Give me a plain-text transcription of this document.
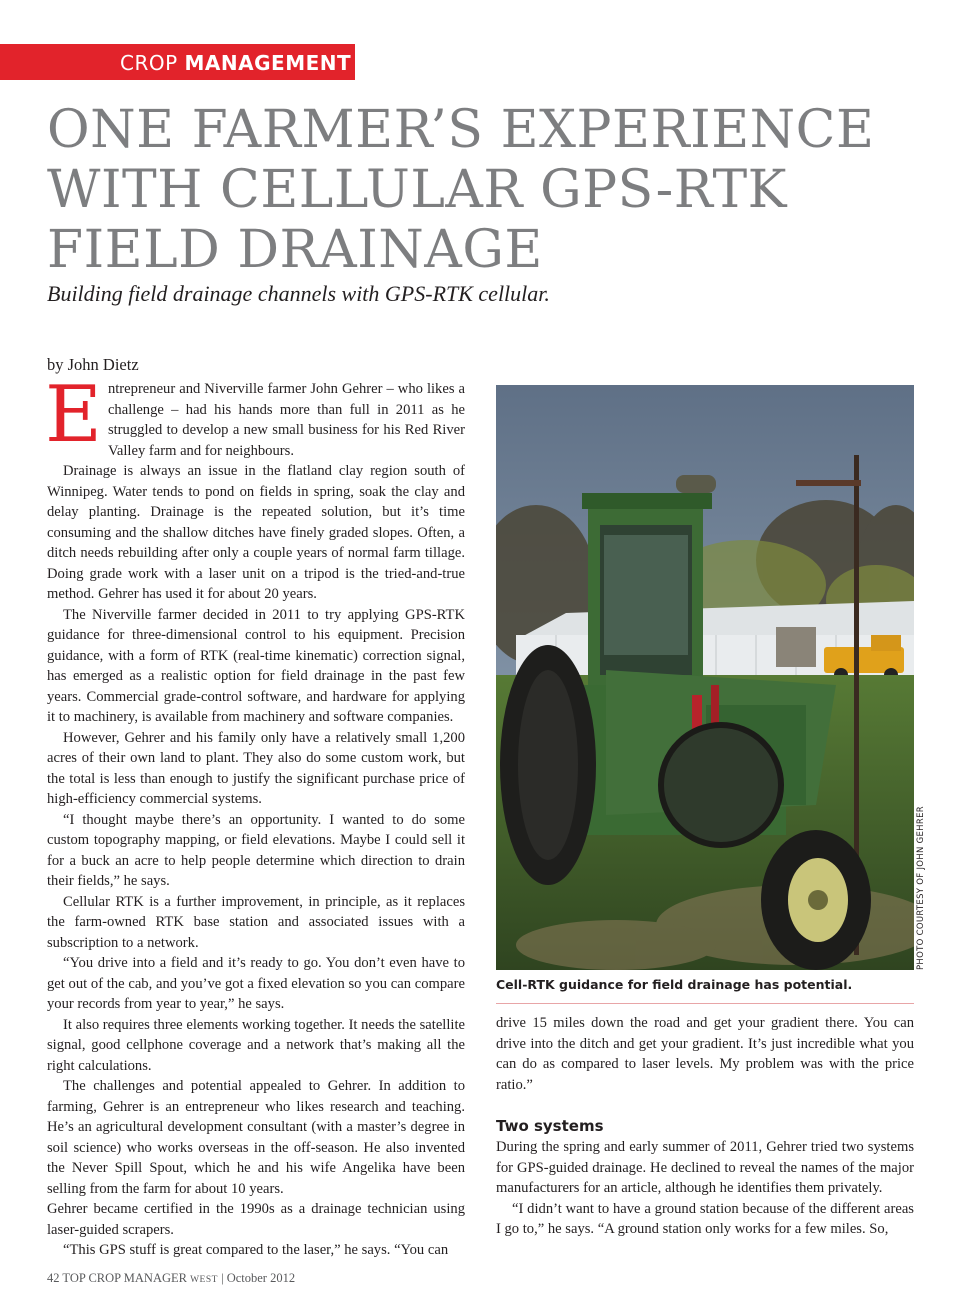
CROP MANAGEMENT
ONE FARMER’S EXPERIENCE
WITH CELLULAR GPS-RTK
FIELD DRAINAGE
Building field drainage channels with GPS-RTK cellular.
by John Dietz

Entrepreneur and Niverville farmer John Gehrer – who likes a challenge – had his hands more than full in 2011 as he struggled to develop a new small business for his Red River Valley farm and for neighbours.

Drainage is always an issue in the flatland clay region south of Winnipeg. Water tends to pond on fields in spring, soak the clay and delay planting. Drainage is the repeated solution, but it’s time consuming and the shallow ditches have finely graded slopes. Often, a ditch needs rebuilding after only a couple years of normal farm tillage. Doing grade work with a laser unit on a tripod is the tried-and-true method. Gehrer has used it for about 20 years.

The Niverville farmer decided in 2011 to try applying GPS-RTK guidance for three-dimensional control to his equipment. Precision guidance, with a form of RTK (real-time kinematic) correction signal, has emerged as a realistic option for field drainage in the past few years. Commercial grade-control software, and hardware for applying it to machinery, is available from machinery and software companies.

However, Gehrer and his family only have a relatively small 1,200 acres of their own land to plant. They also do some custom work, but the total is less than enough to justify the significant purchase price of high-efficiency commercial systems.

“I thought maybe there’s an opportunity. I wanted to do some custom topography mapping, or field elevations. Maybe I could sell it for a buck an acre to help people determine which direction to drain their fields,” he says.

Cellular RTK is a further improvement, in principle, as it replaces the farm-owned RTK base station and associated issues with a subscription to a network.

“You drive into a field and it’s ready to go. You don’t even have to get out of the cab, and you’ve got a fixed elevation so you can compare your records from year to year,” he says.

It also requires three elements working together. It needs the satellite signal, good cellphone coverage and a network that’s making all the right calculations.

The challenges and potential appealed to Gehrer. In addition to farming, Gehrer is an entrepreneur who likes research and teaching. He’s an agricultural development consultant (with a master’s degree in soil science) who works overseas in the off-season. He also invented the Never Spill Spout, which he and his wife Angelika have been selling from the farm for about 10 years.

Gehrer became certified in the 1990s as a drainage technician using laser-guided scrapers.

“This GPS stuff is great compared to the laser,” he says. “You can

PHOTO COURTESY OF JOHN GEHRER
Cell-RTK guidance for field drainage has potential.

drive 15 miles down the road and get your gradient there. You can drive into the ditch and get your gradient. It’s just incredible what you can do as compared to laser levels. My problem was with the price ratio.”

Two systems

During the spring and early summer of 2011, Gehrer tried two systems for GPS-guided drainage. He declined to reveal the names of the major manufacturers for an article, although he identifies them privately.

“I didn’t want to have a ground station because of the different areas I go to,” he says. “A ground station only works for a few miles. So,

42 TOP CROP MANAGER WEST | October 2012
